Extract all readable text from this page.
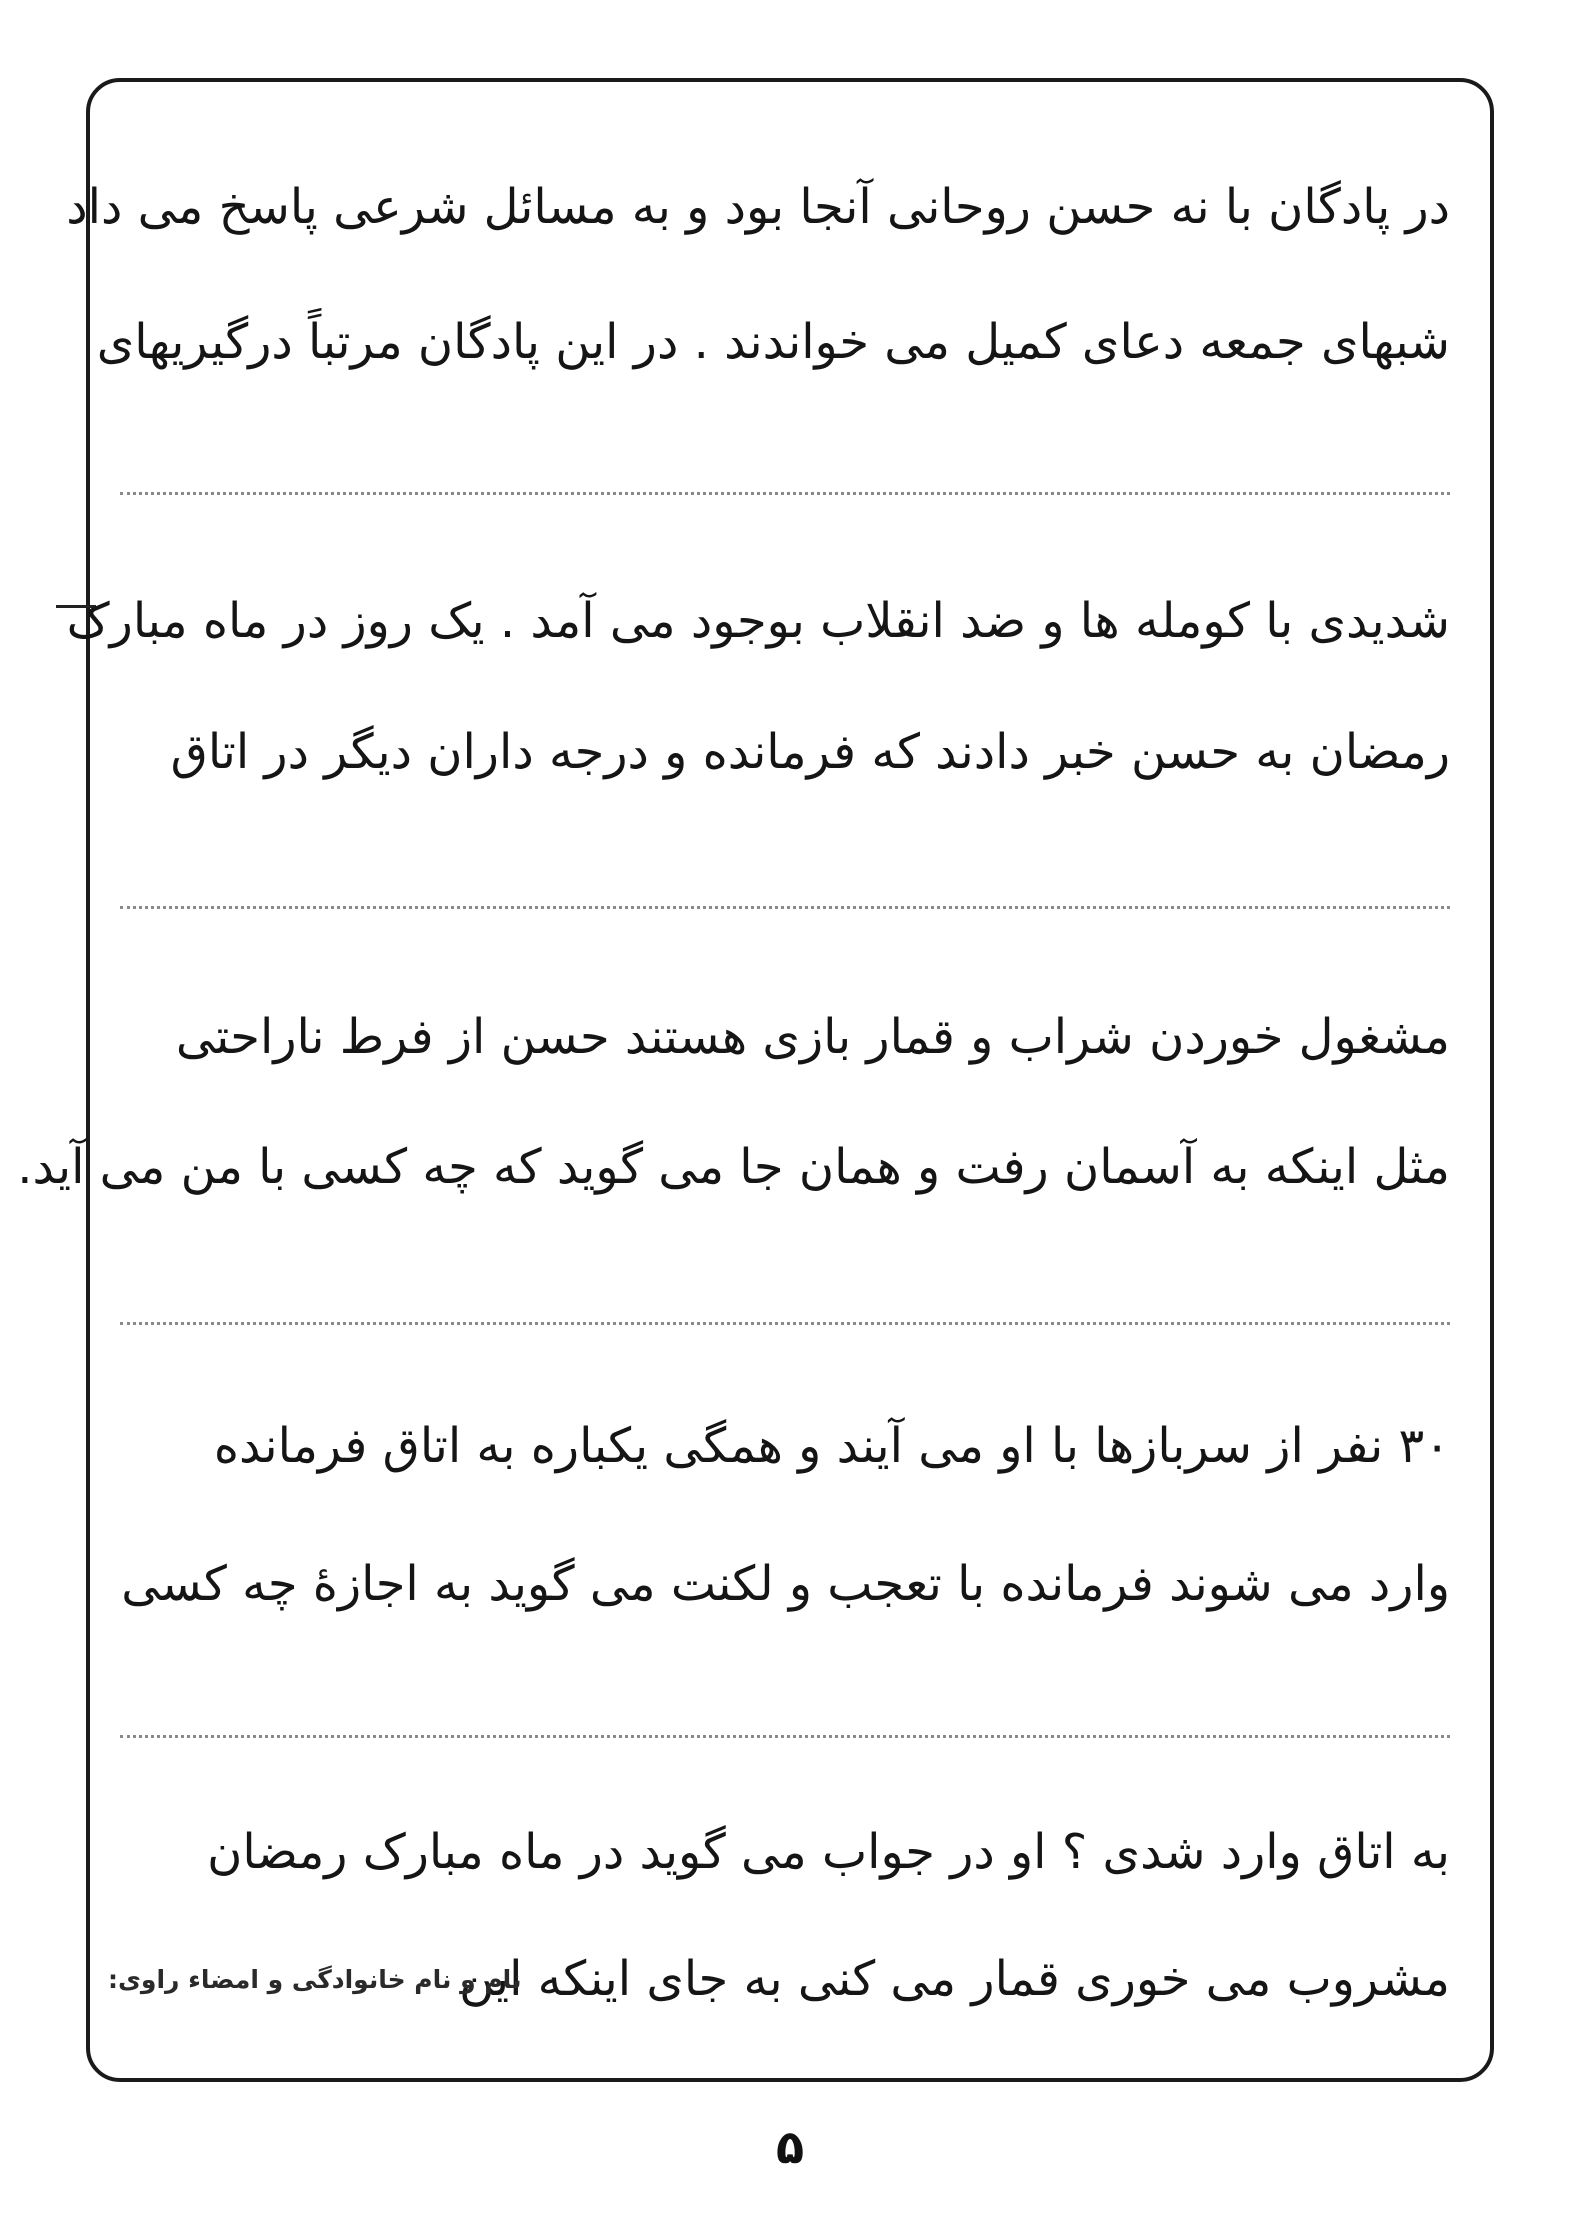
در پادگان با نه حسن روحانی آنجا بود و به مسائل شرعی پاسخ می داد
شبهای جمعه دعای کمیل می خواندند . در این پادگان مرتباً درگیریهای
شدیدی با کومله ها و ضد انقلاب بوجود می آمد . یک روز در ماه مبارک
رمضان به حسن خبر دادند که فرمانده و درجه داران دیگر در اتاق
مشغول خوردن شراب و قمار بازی هستند حسن از فرط ناراحتی
مثل اینکه به آسمان رفت و همان جا می گوید که چه کسی با من می آید.
۳۰ نفر از سربازها با او می آیند و همگی یکباره به اتاق فرمانده
وارد می شوند فرمانده با تعجب و لکنت می گوید به اجازهٔ چه کسی
به اتاق وارد شدی ؟ او در جواب می گوید در ماه مبارک رمضان
مشروب می خوری قمار می کنی به جای اینکه این
نام و نام خانوادگی و امضاء راوی:
۵
